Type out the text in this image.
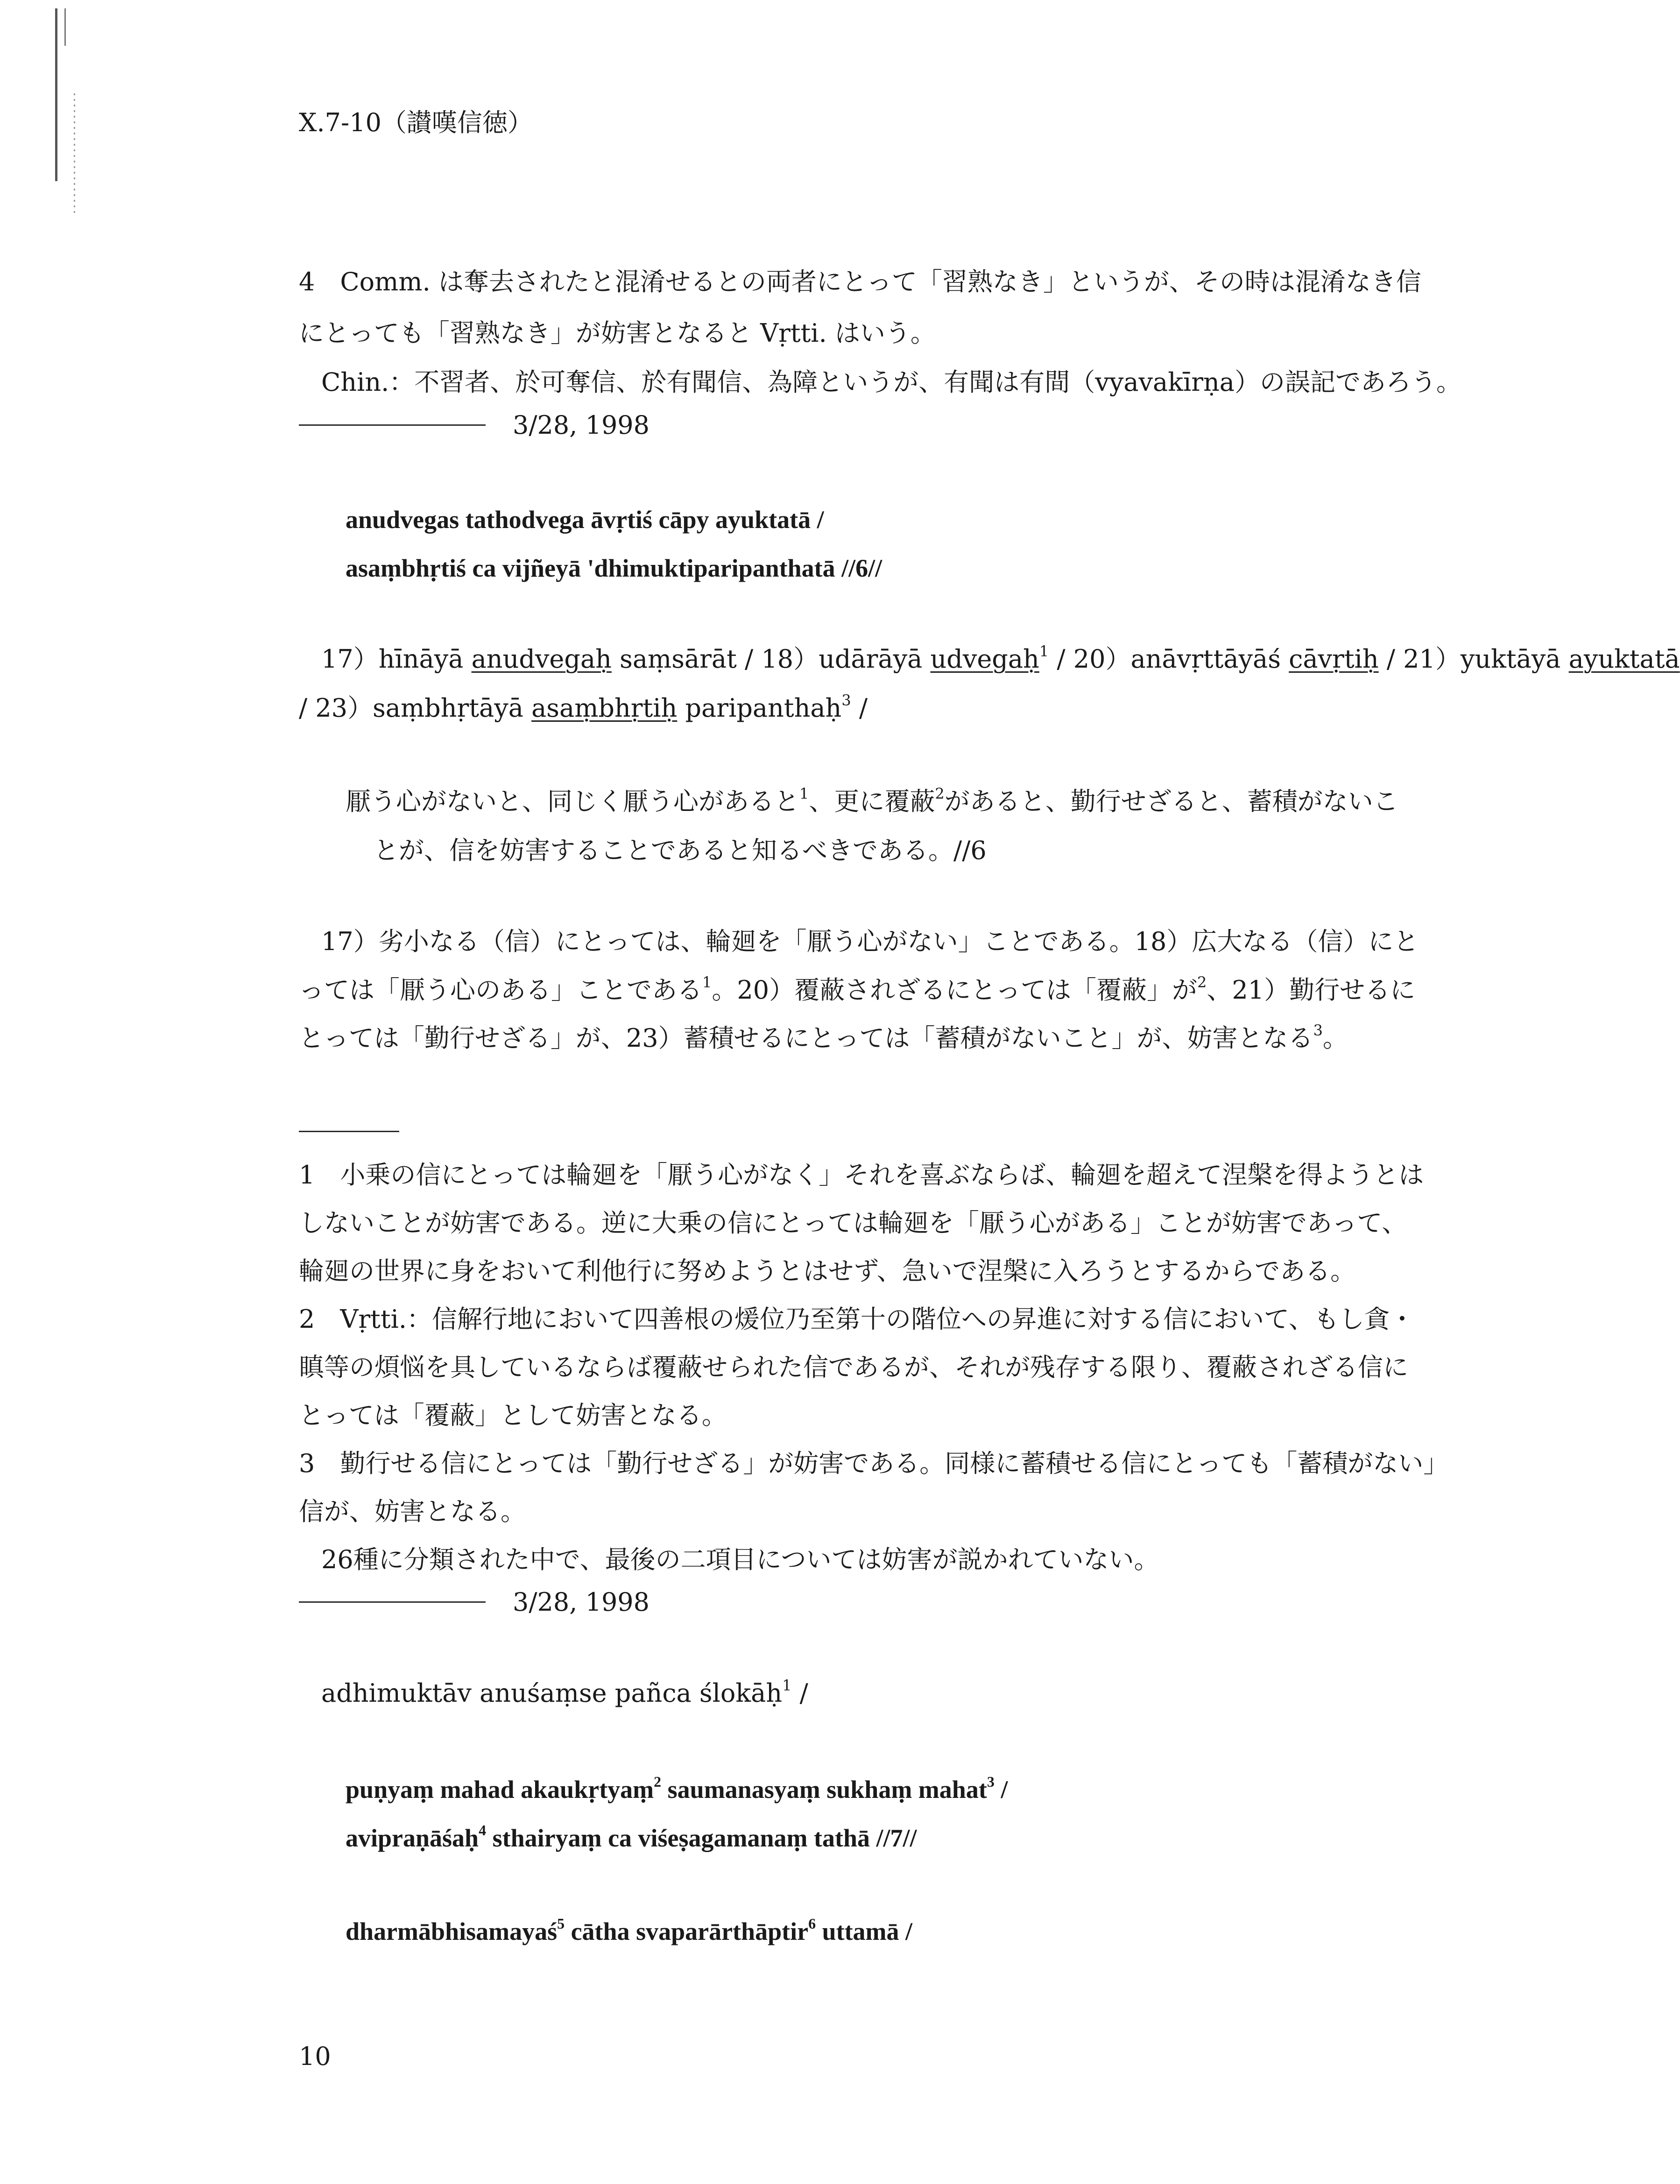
X.7-10（讃嘆信徳）
4　Comm. は奪去されたと混淆せるとの両者にとって「習熟なき」というが、その時は混淆なき信
にとっても「習熟なき」が妨害となると Vṛtti. はいう。
Chin.：不習者、於可奪信、於有聞信、為障というが、有聞は有間（vyavakīrṇa）の誤記であろう。
3/28, 1998
anudvegas tathodvega āvṛtiś cāpy ayuktatā /
asaṃbhṛtiś ca vijñeyā 'dhimuktiparipanthatā //6//
17）hīnāyā anudvegaḥ saṃsārāt / 18）udārāyā udvegaḥ$^1$ / 20）anāvṛttāyāś cāvṛtiḥ / 21）yuktāyā ayuktatā
/ 23）saṃbhṛtāyā asaṃbhṛtiḥ paripanthaḥ$^3$ /
厭う心がないと、同じく厭う心があると$^1$、更に覆蔽$^2$があると、勤行せざると、蓄積がないこ
とが、信を妨害することであると知るべきである。//6
17）劣小なる（信）にとっては、輪廻を「厭う心がない」ことである。18）広大なる（信）にと
っては「厭う心のある」ことである$^1$。20）覆蔽されざるにとっては「覆蔽」が$^2$、21）勤行せるに
とっては「勤行せざる」が、23）蓄積せるにとっては「蓄積がないこと」が、妨害となる$^3$。
1　小乗の信にとっては輪廻を「厭う心がなく」それを喜ぶならば、輪廻を超えて涅槃を得ようとは
しないことが妨害である。逆に大乗の信にとっては輪廻を「厭う心がある」ことが妨害であって、
輪廻の世界に身をおいて利他行に努めようとはせず、急いで涅槃に入ろうとするからである。
2　Vṛtti.：信解行地において四善根の煖位乃至第十の階位への昇進に対する信において、もし貪・
瞋等の煩悩を具しているならば覆蔽せられた信であるが、それが残存する限り、覆蔽されざる信に
とっては「覆蔽」として妨害となる。
3　勤行せる信にとっては「勤行せざる」が妨害である。同様に蓄積せる信にとっても「蓄積がない」
信が、妨害となる。
26種に分類された中で、最後の二項目については妨害が説かれていない。
3/28, 1998
adhimuktāv anuśaṃse pañca ślokāḥ$^1$ /
puṇyaṃ mahad akaukṛtyaṃ$^2$ saumanasyaṃ sukhaṃ mahat$^3$ /
avipraṇāśaḥ$^4$ sthairyaṃ ca viśeṣagamanaṃ tathā //7//
dharmābhisamayaś$^5$ cātha svaparārthāptir$^6$ uttamā /
10
